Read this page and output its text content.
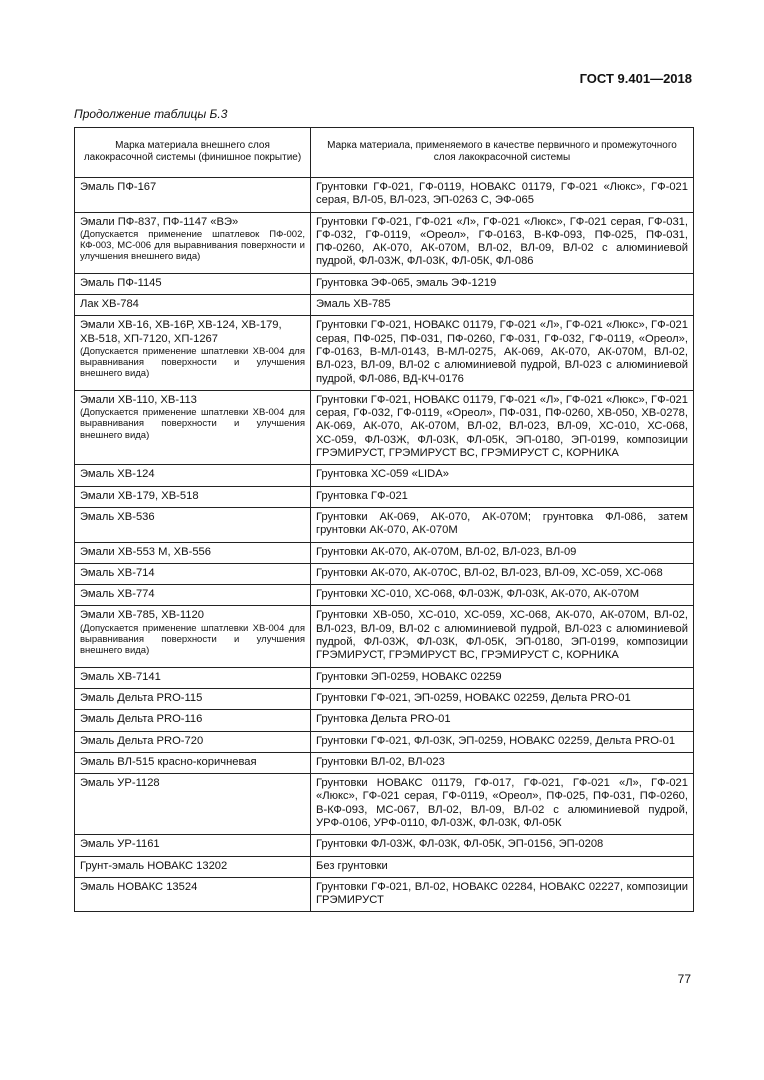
ГОСТ 9.401—2018
Продолжение таблицы Б.3
Марка материала внешнего слоя лакокрасочной системы (финишное покрытие)	Марка материала, применяемого в качестве первичного и промежуточного слоя лакокрасочной системы
Эмаль ПФ-167	Грунтовки ГФ-021, ГФ-0119, НОВАКС 01179, ГФ-021 «Люкс», ГФ-021 серая, ВЛ-05, ВЛ-023, ЭП-0263 С, ЭФ-065
Эмали ПФ-837, ПФ-1147 «ВЭ»
(Допускается применение шпатлевок ПФ-002, КФ-003, МС-006 для выравнивания поверхности и улучшения внешнего вида)	Грунтовки ГФ-021, ГФ-021 «Л», ГФ-021 «Люкс», ГФ-021 серая, ГФ-031, ГФ-032, ГФ-0119, «Ореол», ГФ-0163, В-КФ-093, ПФ-025, ПФ-031, ПФ-0260, АК-070, АК-070М, ВЛ-02, ВЛ-09, ВЛ-02 с алюминиевой пудрой, ФЛ-03Ж, ФЛ-03К, ФЛ-05К, ФЛ-086
Эмаль ПФ-1145	Грунтовка ЭФ-065, эмаль ЭФ-1219
Лак ХВ-784	Эмаль ХВ-785
Эмали ХВ-16, ХВ-16Р, ХВ-124, ХВ-179, ХВ-518, ХП-7120, ХП-1267
(Допускается применение шпатлевки ХВ-004 для выравнивания поверхности и улучшения внешнего вида)	Грунтовки ГФ-021, НОВАКС 01179, ГФ-021 «Л», ГФ-021 «Люкс», ГФ-021 серая, ПФ-025, ПФ-031, ПФ-0260, ГФ-031, ГФ-032, ГФ-0119, «Ореол», ГФ-0163, В-МЛ-0143, В-МЛ-0275, АК-069, АК-070, АК-070М, ВЛ-02, ВЛ-023, ВЛ-09, ВЛ-02 с алюминиевой пудрой, ВЛ-023 с алюминиевой пудрой, ФЛ-086, ВД-КЧ-0176
Эмали ХВ-110, ХВ-113
(Допускается применение шпатлевки ХВ-004 для выравнивания поверхности и улучшения внешнего вида)	Грунтовки ГФ-021, НОВАКС 01179, ГФ-021 «Л», ГФ-021 «Люкс», ГФ-021 серая, ГФ-032, ГФ-0119, «Ореол», ПФ-031, ПФ-0260, ХВ-050, ХВ-0278, АК-069, АК-070, АК-070М, ВЛ-02, ВЛ-023, ВЛ-09, ХС-010, ХС-068, ХС-059, ФЛ-03Ж, ФЛ-03К, ФЛ-05К, ЭП-0180, ЭП-0199, композиции ГРЭМИРУСТ, ГРЭМИРУСТ ВС, ГРЭМИРУСТ С, КОРНИКА
Эмаль ХВ-124	Грунтовка ХС-059 «LIDA»
Эмали ХВ-179, ХВ-518	Грунтовка ГФ-021
Эмаль ХВ-536	Грунтовки АК-069, АК-070, АК-070М; грунтовка ФЛ-086, затем грунтовки АК-070, АК-070М
Эмали ХВ-553 М, ХВ-556	Грунтовки АК-070, АК-070М, ВЛ-02, ВЛ-023, ВЛ-09
Эмаль ХВ-714	Грунтовки АК-070, АК-070С, ВЛ-02, ВЛ-023, ВЛ-09, ХС-059, ХС-068
Эмаль ХВ-774	Грунтовки ХС-010, ХС-068, ФЛ-03Ж, ФЛ-03К, АК-070, АК-070М
Эмали ХВ-785, ХВ-1120
(Допускается применение шпатлевки ХВ-004 для выравнивания поверхности и улучшения внешнего вида)	Грунтовки ХВ-050, ХС-010, ХС-059, ХС-068, АК-070, АК-070М, ВЛ-02, ВЛ-023, ВЛ-09, ВЛ-02 с алюминиевой пудрой, ВЛ-023 с алюминиевой пудрой, ФЛ-03Ж, ФЛ-03К, ФЛ-05К, ЭП-0180, ЭП-0199, композиции ГРЭМИРУСТ, ГРЭМИРУСТ ВС, ГРЭМИРУСТ С, КОРНИКА
Эмаль ХВ-7141	Грунтовки ЭП-0259, НОВАКС 02259
Эмаль Дельта PRO-115	Грунтовки ГФ-021, ЭП-0259, НОВАКС 02259, Дельта PRO-01
Эмаль Дельта PRO-116	Грунтовка Дельта PRO-01
Эмаль Дельта PRO-720	Грунтовки ГФ-021, ФЛ-03К, ЭП-0259, НОВАКС 02259, Дельта PRO-01
Эмаль ВЛ-515 красно-коричневая	Грунтовки ВЛ-02, ВЛ-023
Эмаль УР-1128	Грунтовки НОВАКС 01179, ГФ-017, ГФ-021, ГФ-021 «Л», ГФ-021 «Люкс», ГФ-021 серая, ГФ-0119, «Ореол», ПФ-025, ПФ-031, ПФ-0260, В-КФ-093, МС-067, ВЛ-02, ВЛ-09, ВЛ-02 с алюминиевой пудрой, УРФ-0106, УРФ-0110, ФЛ-03Ж, ФЛ-03К, ФЛ-05К
Эмаль УР-1161	Грунтовки ФЛ-03Ж, ФЛ-03К, ФЛ-05К, ЭП-0156, ЭП-0208
Грунт-эмаль НОВАКС 13202	Без грунтовки
Эмаль НОВАКС 13524	Грунтовки ГФ-021, ВЛ-02, НОВАКС 02284, НОВАКС 02227, композиции ГРЭМИРУСТ
77
